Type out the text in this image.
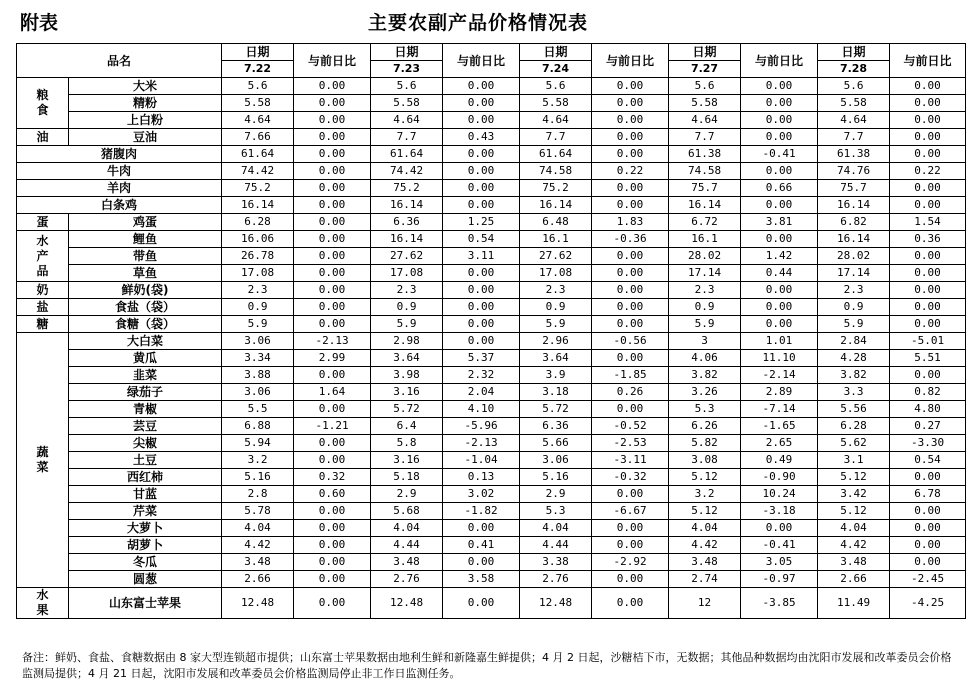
附表	主要农副产品价格情况表
品名		日期	与前日比	日期	与前日比	日期	与前日比	日期	与前日比	日期	与前日比
		7.22		7.23		7.24		7.27		7.28	
粮食	大米	5.6	0.00	5.6	0.00	5.6	0.00	5.6	0.00	5.6	0.00
	精粉	5.58	0.00	5.58	0.00	5.58	0.00	5.58	0.00	5.58	0.00
	上白粉	4.64	0.00	4.64	0.00	4.64	0.00	4.64	0.00	4.64	0.00
油	豆油	7.66	0.00	7.7	0.43	7.7	0.00	7.7	0.00	7.7	0.00
猪腹肉		61.64	0.00	61.64	0.00	61.64	0.00	61.38	-0.41	61.38	0.00
牛肉		74.42	0.00	74.42	0.00	74.58	0.22	74.58	0.00	74.76	0.22
羊肉		75.2	0.00	75.2	0.00	75.2	0.00	75.7	0.66	75.7	0.00
白条鸡		16.14	0.00	16.14	0.00	16.14	0.00	16.14	0.00	16.14	0.00
蛋	鸡蛋	6.28	0.00	6.36	1.25	6.48	1.83	6.72	3.81	6.82	1.54
水产品	鲤鱼	16.06	0.00	16.14	0.54	16.1	-0.36	16.1	0.00	16.14	0.36
	带鱼	26.78	0.00	27.62	3.11	27.62	0.00	28.02	1.42	28.02	0.00
	草鱼	17.08	0.00	17.08	0.00	17.08	0.00	17.14	0.44	17.14	0.00
奶	鲜奶(袋)	2.3	0.00	2.3	0.00	2.3	0.00	2.3	0.00	2.3	0.00
盐	食盐（袋）	0.9	0.00	0.9	0.00	0.9	0.00	0.9	0.00	0.9	0.00
糖	食糖（袋）	5.9	0.00	5.9	0.00	5.9	0.00	5.9	0.00	5.9	0.00
蔬菜	大白菜	3.06	-2.13	2.98	0.00	2.96	-0.56	3	1.01	2.84	-5.01
	黄瓜	3.34	2.99	3.64	5.37	3.64	0.00	4.06	11.10	4.28	5.51
	韭菜	3.88	0.00	3.98	2.32	3.9	-1.85	3.82	-2.14	3.82	0.00
	绿茄子	3.06	1.64	3.16	2.04	3.18	0.26	3.26	2.89	3.3	0.82
	青椒	5.5	0.00	5.72	4.10	5.72	0.00	5.3	-7.14	5.56	4.80
	芸豆	6.88	-1.21	6.4	-5.96	6.36	-0.52	6.26	-1.65	6.28	0.27
	尖椒	5.94	0.00	5.8	-2.13	5.66	-2.53	5.82	2.65	5.62	-3.30
	土豆	3.2	0.00	3.16	-1.04	3.06	-3.11	3.08	0.49	3.1	0.54
	西红柿	5.16	0.32	5.18	0.13	5.16	-0.32	5.12	-0.90	5.12	0.00
	甘蓝	2.8	0.60	2.9	3.02	2.9	0.00	3.2	10.24	3.42	6.78
	芹菜	5.78	0.00	5.68	-1.82	5.3	-6.67	5.12	-3.18	5.12	0.00
	大萝卜	4.04	0.00	4.04	0.00	4.04	0.00	4.04	0.00	4.04	0.00
	胡萝卜	4.42	0.00	4.44	0.41	4.44	0.00	4.42	-0.41	4.42	0.00
	冬瓜	3.48	0.00	3.48	0.00	3.38	-2.92	3.48	3.05	3.48	0.00
	圆葱	2.66	0.00	2.76	3.58	2.76	0.00	2.74	-0.97	2.66	-2.45
水果	山东富士苹果	12.48	0.00	12.48	0.00	12.48	0.00	12	-3.85	11.49	-4.25
备注：鲜奶、食盐、食糖数据由 8 家大型连锁超市提供；山东富士苹果数据由地利生鲜和新隆嘉生鲜提供；4 月 2 日起，沙糖桔下市，无数据；其他品种数据均由沈阳市发展和改革委员会价格监测局提供；4 月 21 日起，沈阳市发展和改革委员会价格监测局停止非工作日监测任务。
